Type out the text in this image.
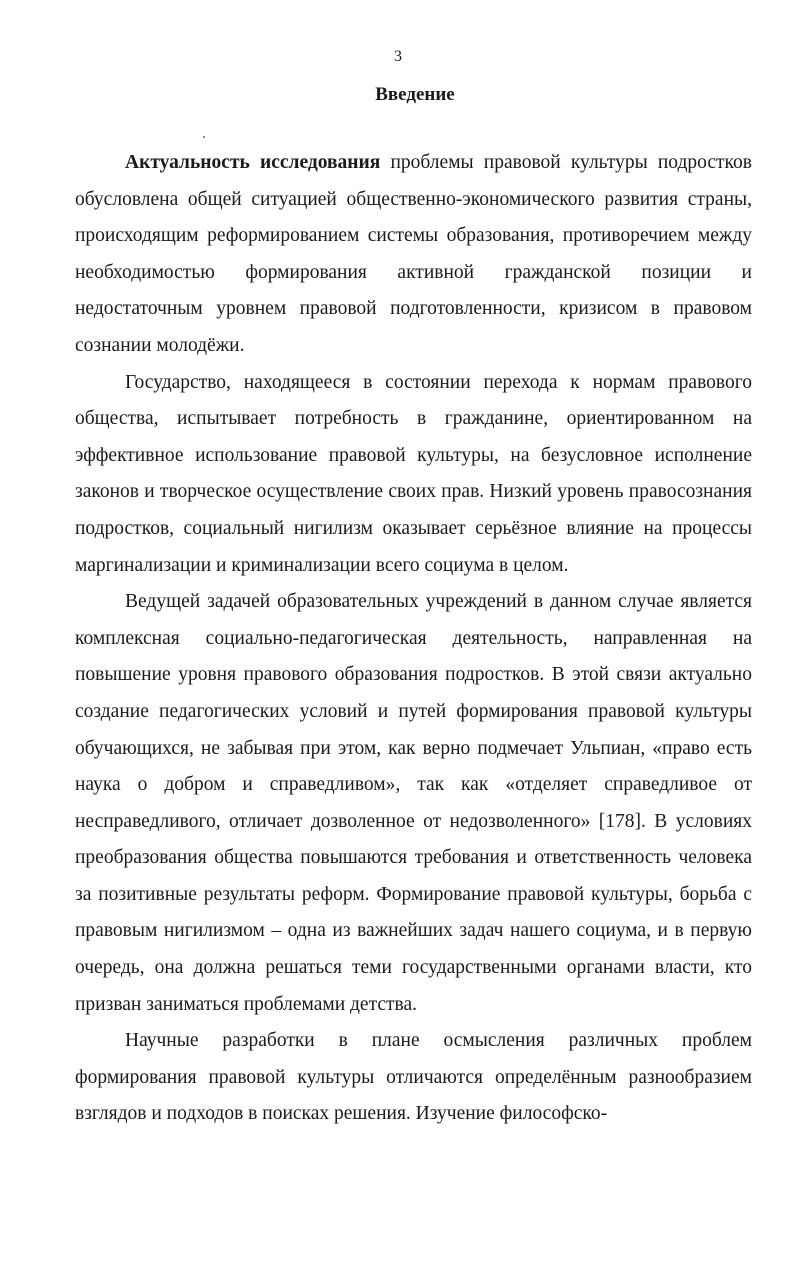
3
Введение

Актуальность исследования проблемы правовой культуры подростков обусловлена общей ситуацией общественно-экономического развития страны, происходящим реформированием системы образования, противоречием между необходимостью формирования активной гражданской позиции и недостаточным уровнем правовой подготовленности, кризисом в правовом сознании молодёжи.

Государство, находящееся в состоянии перехода к нормам правового общества, испытывает потребность в гражданине, ориентированном на эффективное использование правовой культуры, на безусловное исполнение законов и творческое осуществление своих прав. Низкий уровень правосознания подростков, социальный нигилизм оказывает серьёзное влияние на процессы маргинализации и криминализации всего социума в целом.

Ведущей задачей образовательных учреждений в данном случае является комплексная социально-педагогическая деятельность, направленная на повышение уровня правового образования подростков. В этой связи актуально создание педагогических условий и путей формирования правовой культуры обучающихся, не забывая при этом, как верно подмечает Ульпиан, «право есть наука о добром и справедливом», так как «отделяет справедливое от несправедливого, отличает дозволенное от недозволенного» [178]. В условиях преобразования общества повышаются требования и ответственность человека за позитивные результаты реформ. Формирование правовой культуры, борьба с правовым нигилизмом – одна из важнейших задач нашего социума, и в первую очередь, она должна решаться теми государственными органами власти, кто призван заниматься проблемами детства.

Научные разработки в плане осмысления различных проблем формирования правовой культуры отличаются определённым разнообразием взглядов и подходов в поисках решения. Изучение философско-
